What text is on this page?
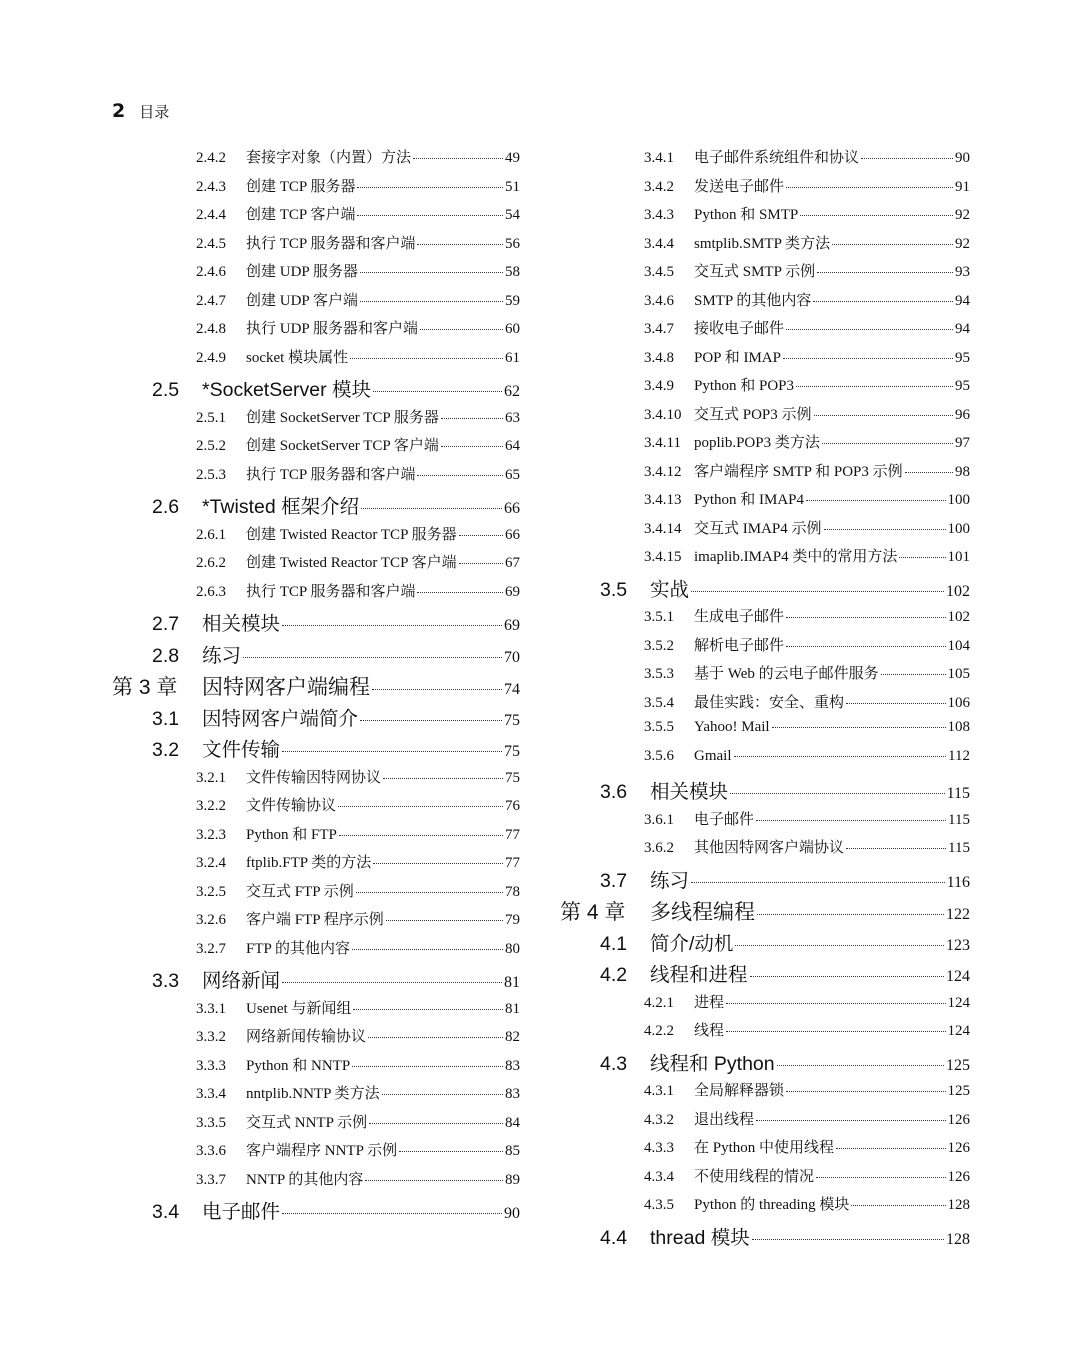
2 目录
2.4.2	套接字对象（内置）方法	49
2.4.3	创建 TCP 服务器	51
2.4.4	创建 TCP 客户端	54
2.4.5	执行 TCP 服务器和客户端	56
2.4.6	创建 UDP 服务器	58
2.4.7	创建 UDP 客户端	59
2.4.8	执行 UDP 服务器和客户端	60
2.4.9	socket 模块属性	61
2.5	*SocketServer 模块	62
2.5.1	创建 SocketServer TCP 服务器	63
2.5.2	创建 SocketServer TCP 客户端	64
2.5.3	执行 TCP 服务器和客户端	65
2.6	*Twisted 框架介绍	66
2.6.1	创建 Twisted Reactor TCP 服务器	66
2.6.2	创建 Twisted Reactor TCP 客户端	67
2.6.3	执行 TCP 服务器和客户端	69
2.7	相关模块	69
2.8	练习	70
第 3 章	因特网客户端编程	74
3.1	因特网客户端简介	75
3.2	文件传输	75
3.2.1	文件传输因特网协议	75
3.2.2	文件传输协议	76
3.2.3	Python 和 FTP	77
3.2.4	ftplib.FTP 类的方法	77
3.2.5	交互式 FTP 示例	78
3.2.6	客户端 FTP 程序示例	79
3.2.7	FTP 的其他内容	80
3.3	网络新闻	81
3.3.1	Usenet 与新闻组	81
3.3.2	网络新闻传输协议	82
3.3.3	Python 和 NNTP	83
3.3.4	nntplib.NNTP 类方法	83
3.3.5	交互式 NNTP 示例	84
3.3.6	客户端程序 NNTP 示例	85
3.3.7	NNTP 的其他内容	89
3.4	电子邮件	90
3.4.1	电子邮件系统组件和协议	90
3.4.2	发送电子邮件	91
3.4.3	Python 和 SMTP	92
3.4.4	smtplib.SMTP 类方法	92
3.4.5	交互式 SMTP 示例	93
3.4.6	SMTP 的其他内容	94
3.4.7	接收电子邮件	94
3.4.8	POP 和 IMAP	95
3.4.9	Python 和 POP3	95
3.4.10 交互式 POP3 示例	96
3.4.11 poplib.POP3 类方法	97
3.4.12 客户端程序 SMTP 和 POP3 示例	98
3.4.13 Python 和 IMAP4	100
3.4.14 交互式 IMAP4 示例	100
3.4.15 imaplib.IMAP4 类中的常用方法	101
3.5	实战	102
3.5.1	生成电子邮件	102
3.5.2	解析电子邮件	104
3.5.3	基于 Web 的云电子邮件服务	105
3.5.4	最佳实践：安全、重构	106
3.5.5	Yahoo! Mail	108
3.5.6	Gmail	112
3.6	相关模块	115
3.6.1	电子邮件	115
3.6.2	其他因特网客户端协议	115
3.7	练习	116
第 4 章	多线程编程	122
4.1	简介/动机	123
4.2	线程和进程	124
4.2.1	进程	124
4.2.2	线程	124
4.3	线程和 Python	125
4.3.1	全局解释器锁	125
4.3.2	退出线程	126
4.3.3	在 Python 中使用线程	126
4.3.4	不使用线程的情况	126
4.3.5	Python 的 threading 模块	128
4.4	thread 模块	128
